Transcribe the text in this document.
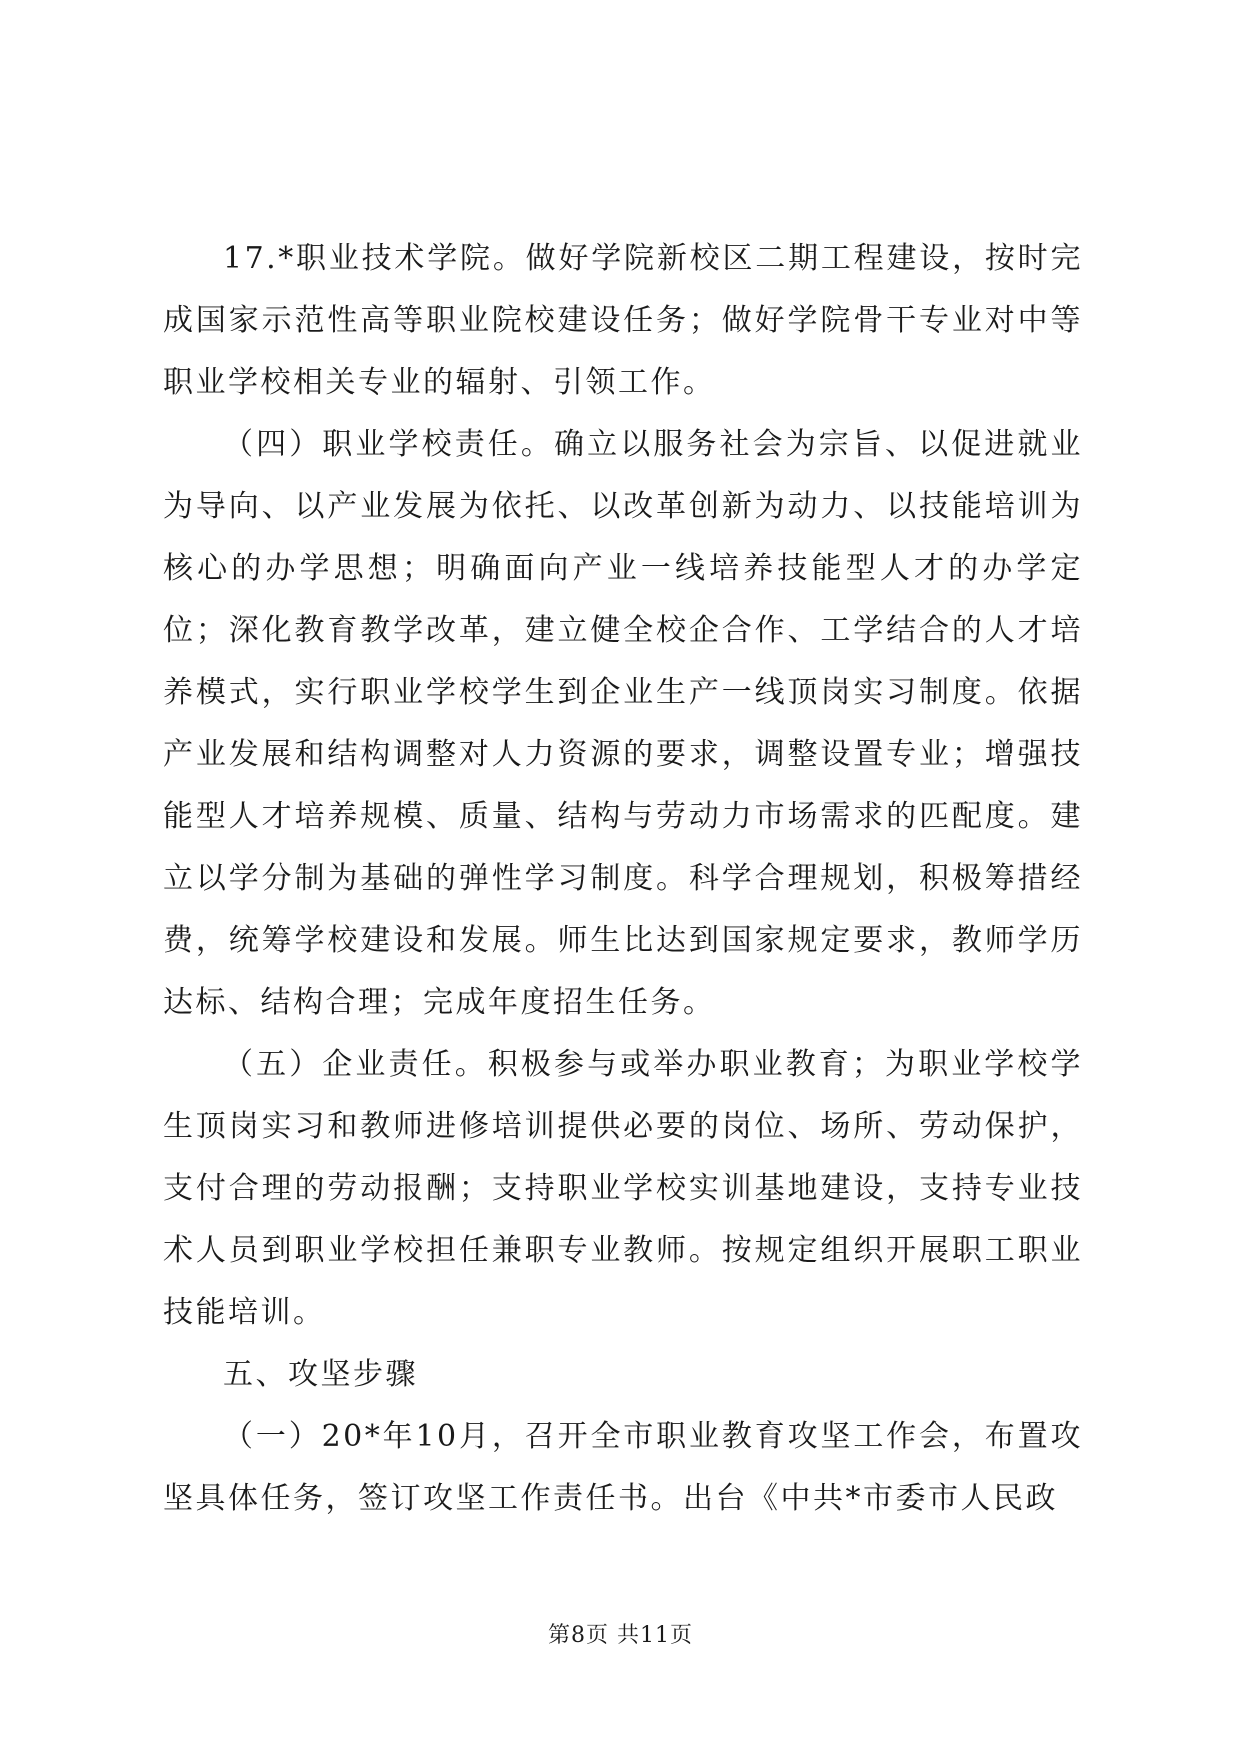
17.*职业技术学院。做好学院新校区二期工程建设，按时完成国家示范性高等职业院校建设任务；做好学院骨干专业对中等职业学校相关专业的辐射、引领工作。

（四）职业学校责任。确立以服务社会为宗旨、以促进就业为导向、以产业发展为依托、以改革创新为动力、以技能培训为核心的办学思想；明确面向产业一线培养技能型人才的办学定位；深化教育教学改革，建立健全校企合作、工学结合的人才培养模式，实行职业学校学生到企业生产一线顶岗实习制度。依据产业发展和结构调整对人力资源的要求，调整设置专业；增强技能型人才培养规模、质量、结构与劳动力市场需求的匹配度。建立以学分制为基础的弹性学习制度。科学合理规划，积极筹措经费，统筹学校建设和发展。师生比达到国家规定要求，教师学历达标、结构合理；完成年度招生任务。

（五）企业责任。积极参与或举办职业教育；为职业学校学生顶岗实习和教师进修培训提供必要的岗位、场所、劳动保护，支付合理的劳动报酬；支持职业学校实训基地建设，支持专业技术人员到职业学校担任兼职专业教师。按规定组织开展职工职业技能培训。

五、攻坚步骤

（一）20*年10月，召开全市职业教育攻坚工作会，布置攻坚具体任务，签订攻坚工作责任书。出台《中共*市委市人民政

第8页 共11页
